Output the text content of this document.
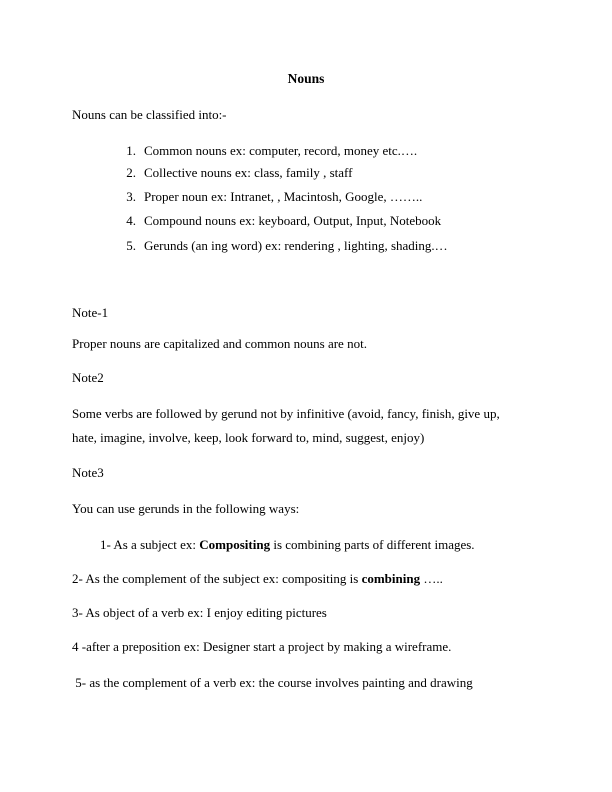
Nouns
Nouns can be classified into:-
1. Common nouns ex: computer, record, money etc.….
2. Collective nouns ex: class, family , staff
3. Proper noun ex: Intranet, , Macintosh, Google, ……..
4. Compound nouns ex: keyboard, Output, Input, Notebook
5. Gerunds (an ing word) ex: rendering , lighting, shading.…
Note-1
Proper nouns are capitalized and common nouns are not.
Note2
Some verbs are followed by gerund not by infinitive (avoid, fancy, finish, give up,
hate, imagine, involve, keep, look forward to, mind, suggest, enjoy)
Note3
You can use gerunds in the following ways:
1- As a subject ex: Compositing is combining parts of different images.
2- As the complement of the subject ex: compositing is combining …..
3- As object of a verb ex: I enjoy editing pictures
4 -after a preposition ex: Designer start a project by making a wireframe.
5- as the complement of a verb ex: the course involves painting and drawing
